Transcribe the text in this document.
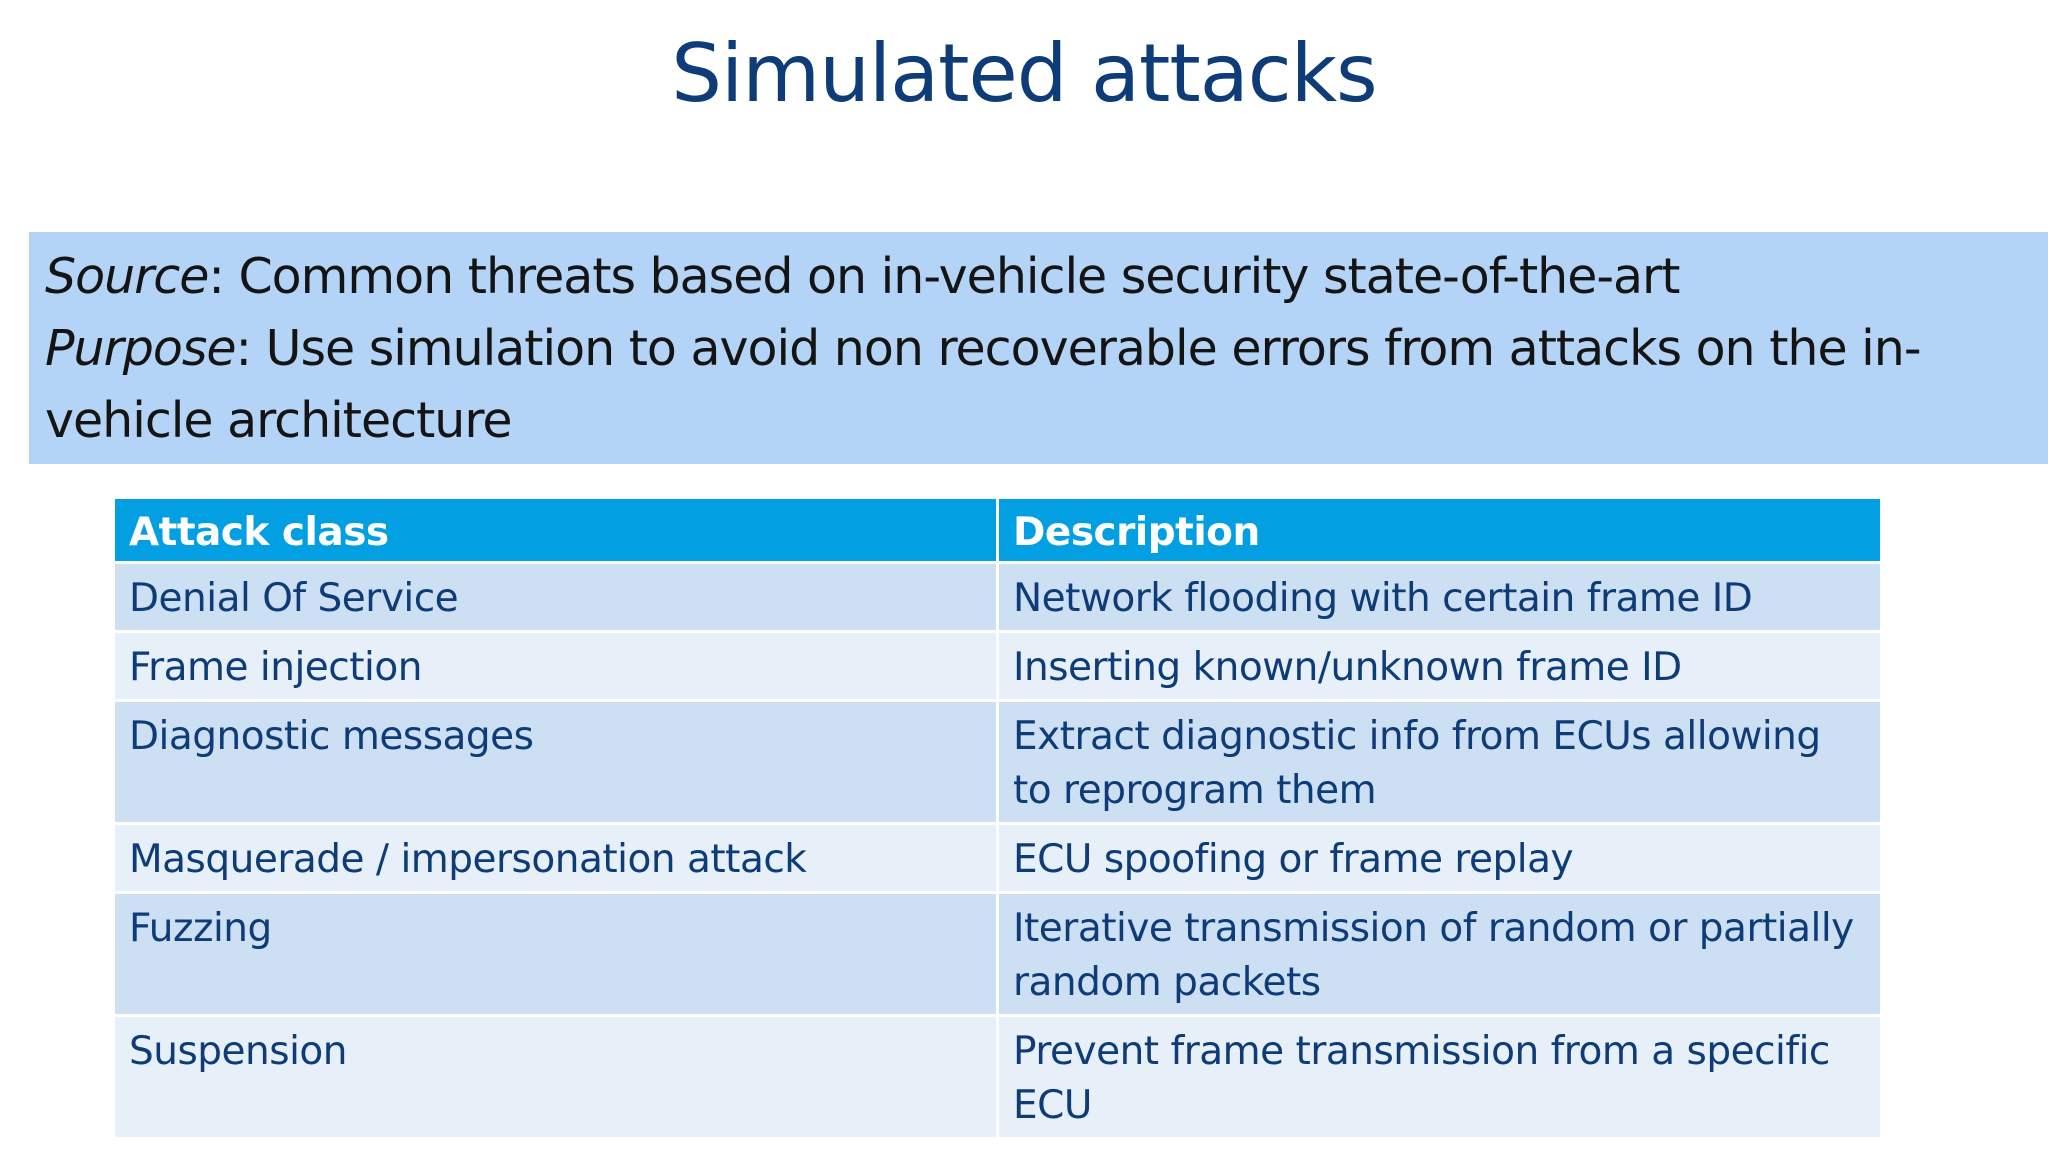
Simulated attacks
Source: Common threats based on in-vehicle security state-of-the-art
Purpose: Use simulation to avoid non recoverable errors from attacks on the in-
vehicle architecture
Attack class	Description
Denial Of Service	Network flooding with certain frame ID
Frame injection	Inserting known/unknown frame ID
Diagnostic messages	Extract diagnostic info from ECUs allowing to reprogram them
Masquerade / impersonation attack	ECU spoofing or frame replay
Fuzzing	Iterative transmission of random or partially random packets
Suspension	Prevent frame transmission from a specific ECU
